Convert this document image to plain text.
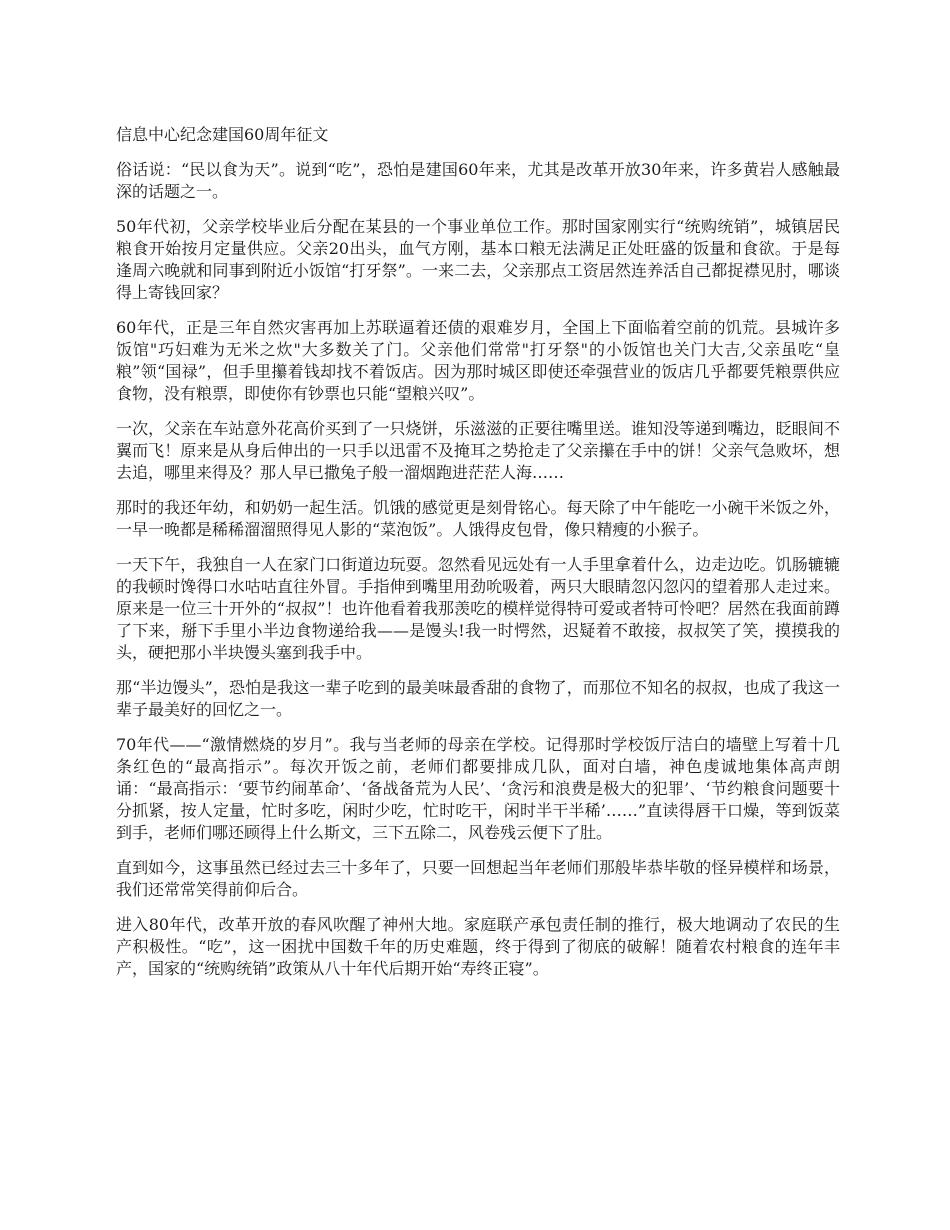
信息中心纪念建国60周年征文

俗话说：“民以食为天”。说到“吃”，恐怕是建国60年来，尤其是改革开放30年来，许多黄岩人感触最深的话题之一。

50年代初，父亲学校毕业后分配在某县的一个事业单位工作。那时国家刚实行“统购统销”，城镇居民粮食开始按月定量供应。父亲20出头，血气方刚，基本口粮无法满足正处旺盛的饭量和食欲。于是每逢周六晚就和同事到附近小饭馆“打牙祭”。一来二去，父亲那点工资居然连养活自己都捉襟见肘，哪谈得上寄钱回家？

60年代，正是三年自然灾害再加上苏联逼着还债的艰难岁月，全国上下面临着空前的饥荒。县城许多饭馆"巧妇难为无米之炊"大多数关了门。父亲他们常常"打牙祭"的小饭馆也关门大吉,父亲虽吃“皇粮”领“国禄”，但手里攥着钱却找不着饭店。因为那时城区即使还牵强营业的饭店几乎都要凭粮票供应食物，没有粮票，即使你有钞票也只能“望粮兴叹”。

一次，父亲在车站意外花高价买到了一只烧饼，乐滋滋的正要往嘴里送。谁知没等递到嘴边，眨眼间不翼而飞！原来是从身后伸出的一只手以迅雷不及掩耳之势抢走了父亲攥在手中的饼！父亲气急败坏，想去追，哪里来得及？那人早已撒兔子般一溜烟跑进茫茫人海……

那时的我还年幼，和奶奶一起生活。饥饿的感觉更是刻骨铭心。每天除了中午能吃一小碗干米饭之外，一早一晚都是稀稀溜溜照得见人影的“菜泡饭”。人饿得皮包骨，像只精瘦的小猴子。

一天下午，我独自一人在家门口街道边玩耍。忽然看见远处有一人手里拿着什么，边走边吃。饥肠辘辘的我顿时馋得口水咕咕直往外冒。手指伸到嘴里用劲吮吸着，两只大眼睛忽闪忽闪的望着那人走过来。原来是一位三十开外的“叔叔”！也许他看着我那羡吃的模样觉得特可爱或者特可怜吧？居然在我面前蹲了下来，掰下手里小半边食物递给我——是馒头!我一时愕然，迟疑着不敢接，叔叔笑了笑，摸摸我的头，硬把那小半块馒头塞到我手中。

那“半边馒头”，恐怕是我这一辈子吃到的最美味最香甜的食物了，而那位不知名的叔叔，也成了我这一辈子最美好的回忆之一。

70年代——“激情燃烧的岁月”。我与当老师的母亲在学校。记得那时学校饭厅洁白的墙壁上写着十几条红色的“最高指示”。每次开饭之前，老师们都要排成几队，面对白墙，神色虔诚地集体高声朗诵：“最高指示：‘要节约闹革命’、‘备战备荒为人民’、‘贪污和浪费是极大的犯罪’、‘节约粮食问题要十分抓紧，按人定量，忙时多吃，闲时少吃，忙时吃干，闲时半干半稀’……”直读得唇干口燥，等到饭菜到手，老师们哪还顾得上什么斯文，三下五除二，风卷残云便下了肚。

直到如今，这事虽然已经过去三十多年了，只要一回想起当年老师们那般毕恭毕敬的怪异模样和场景，我们还常常笑得前仰后合。

进入80年代，改革开放的春风吹醒了神州大地。家庭联产承包责任制的推行，极大地调动了农民的生产积极性。“吃”，这一困扰中国数千年的历史难题，终于得到了彻底的破解！随着农村粮食的连年丰产，国家的“统购统销”政策从八十年代后期开始“寿终正寝”。
